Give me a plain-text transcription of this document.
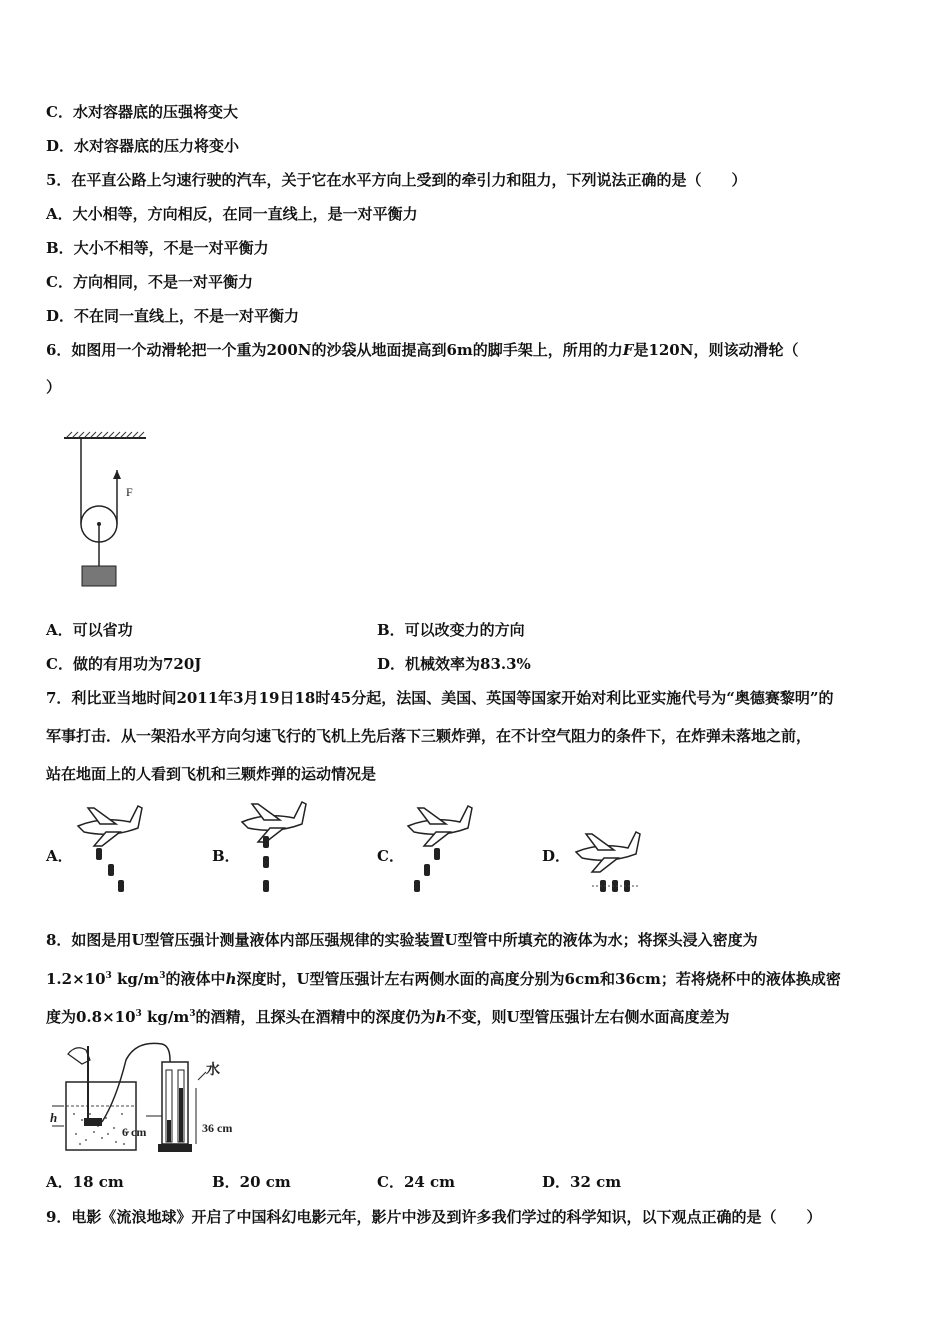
C．水对容器底的压强将变大
D．水对容器底的压力将变小
5．在平直公路上匀速行驶的汽车，关于它在水平方向上受到的牵引力和阻力，下列说法正确的是（　　）
A．大小相等，方向相反，在同一直线上，是一对平衡力
B．大小不相等，不是一对平衡力
C．方向相同，不是一对平衡力
D．不在同一直线上，不是一对平衡力
6．如图用一个动滑轮把一个重为200N的沙袋从地面提高到6m的脚手架上，所用的力F是120N，则该动滑轮（
）
F
A．可以省功	B．可以改变力的方向
C．做的有用功为720J	D．机械效率为83.3%
7．利比亚当地时间2011年3月19日18时45分起，法国、美国、英国等国家开始对利比亚实施代号为“奥德赛黎明”的
军事打击．从一架沿水平方向匀速飞行的飞机上先后落下三颗炸弹，在不计空气阻力的条件下，在炸弹未落地之前，
站在地面上的人看到飞机和三颗炸弹的运动情况是
A．	B．	C．	D．
8．如图是用U型管压强计测量液体内部压强规律的实验装置U型管中所填充的液体为水；将探头浸入密度为
$1.2\times 10^3$ $kg/m^3$的液体中h深度时，U型管压强计左右两侧水面的高度分别为6cm和36cm；若将烧杯中的液体换成密
度为$0.8\times 10^3$ $kg/m^3$的酒精，且探头在酒精中的深度仍为h不变，则U型管压强计左右侧水面高度差为
h
水
6 cm	36 cm
A．18 cm	B．20 cm	C．24 cm	D．32 cm
9．电影《流浪地球》开启了中国科幻电影元年，影片中涉及到许多我们学过的科学知识，以下观点正确的是（　　）
